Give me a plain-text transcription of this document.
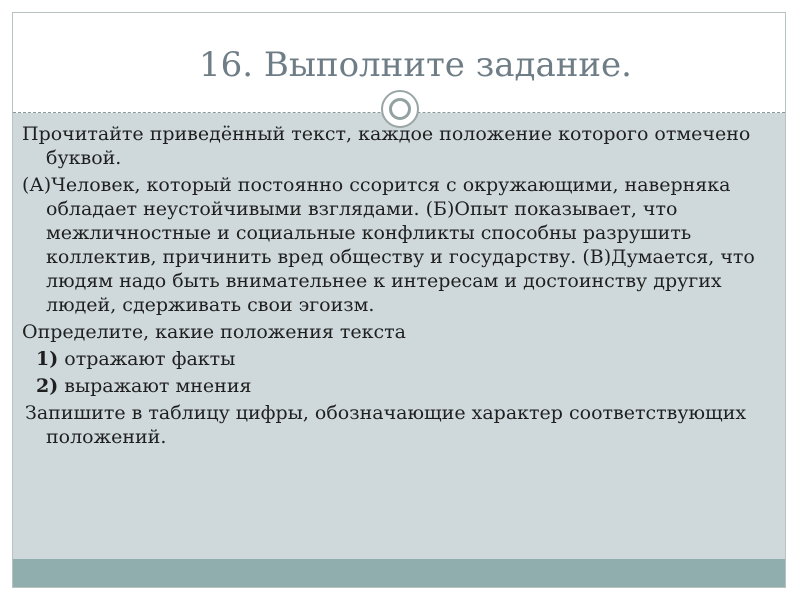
16. Выполните задание.

Прочитайте приведённый текст, каждое положение которого отмечено буквой.

(А)Человек, который постоянно ссорится с окружающими, наверняка обладает неустойчивыми взглядами. (Б)Опыт показывает, что межличностные и социальные конфликты способны разрушить коллектив, причинить вред обществу и государству. (В)Думается, что людям надо быть внимательнее к интересам и достоинству других людей, сдерживать свои эгоизм.

Определите, какие положения текста

1) отражают факты

2) выражают мнения

Запишите в таблицу цифры, обозначающие характер соответствующих положений.
